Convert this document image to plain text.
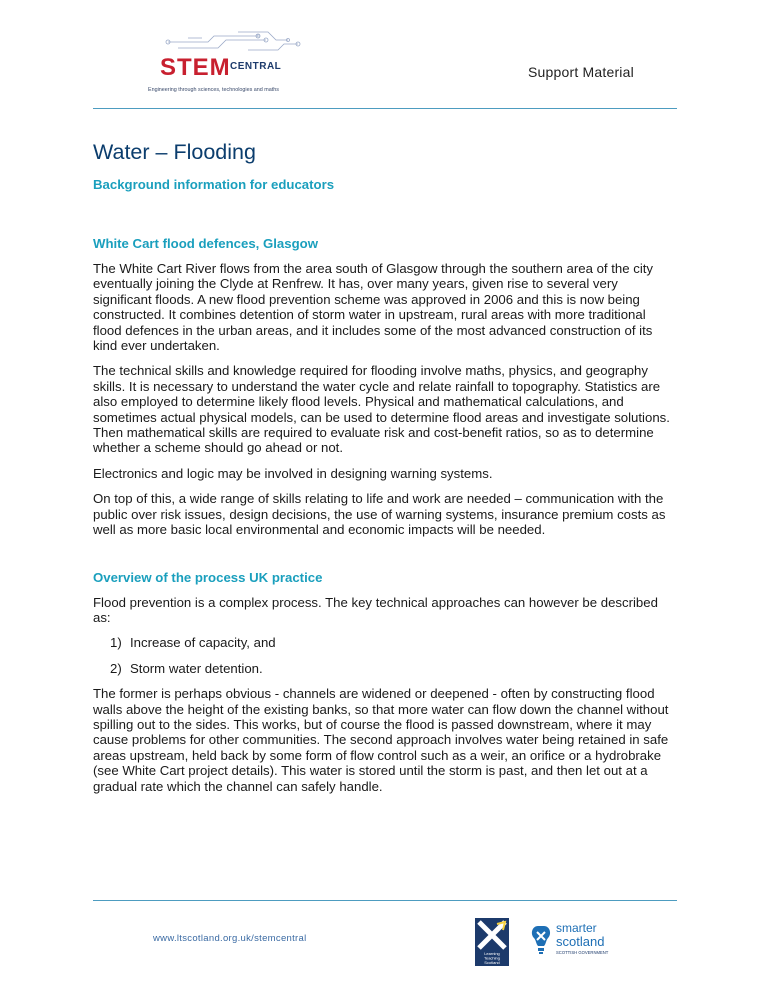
STEM CENTRAL
®
Engineering through sciences, technologies and maths
Support Material
Water – Flooding
Background information for educators
White Cart flood defences, Glasgow

The White Cart River flows from the area south of Glasgow through the southern area of the city eventually joining the Clyde at Renfrew. It has, over many years, given rise to several very significant floods. A new flood prevention scheme was approved in 2006 and this is now being constructed. It combines detention of storm water in upstream, rural areas with more traditional flood defences in the urban areas, and it includes some of the most advanced construction of its kind ever undertaken.

The technical skills and knowledge required for flooding involve maths, physics, and geography skills. It is necessary to understand the water cycle and relate rainfall to topography. Statistics are also employed to determine likely flood levels. Physical and mathematical calculations, and sometimes actual physical models, can be used to determine flood areas and investigate solutions. Then mathematical skills are required to evaluate risk and cost-benefit ratios, so as to determine whether a scheme should go ahead or not.

Electronics and logic may be involved in designing warning systems.

On top of this, a wide range of skills relating to life and work are needed – communication with the public over risk issues, design decisions, the use of warning systems, insurance premium costs as well as more basic local environmental and economic impacts will be needed.

Overview of the process UK practice

Flood prevention is a complex process. The key technical approaches can however be described as:

1) Increase of capacity, and
2) Storm water detention.

The former is perhaps obvious - channels are widened or deepened - often by constructing flood walls above the height of the existing banks, so that more water can flow down the channel without spilling out to the sides. This works, but of course the flood is passed downstream, where it may cause problems for other communities. The second approach involves water being retained in safe areas upstream, held back by some form of flow control such as a weir, an orifice or a hydrobrake (see White Cart project details). This water is stored until the storm is past, and then let out at a gradual rate which the channel can safely handle.

www.ltscotland.org.uk/stemcentral
Learning
Teaching
Scotland
smarter
scotland
SCOTTISH GOVERNMENT
